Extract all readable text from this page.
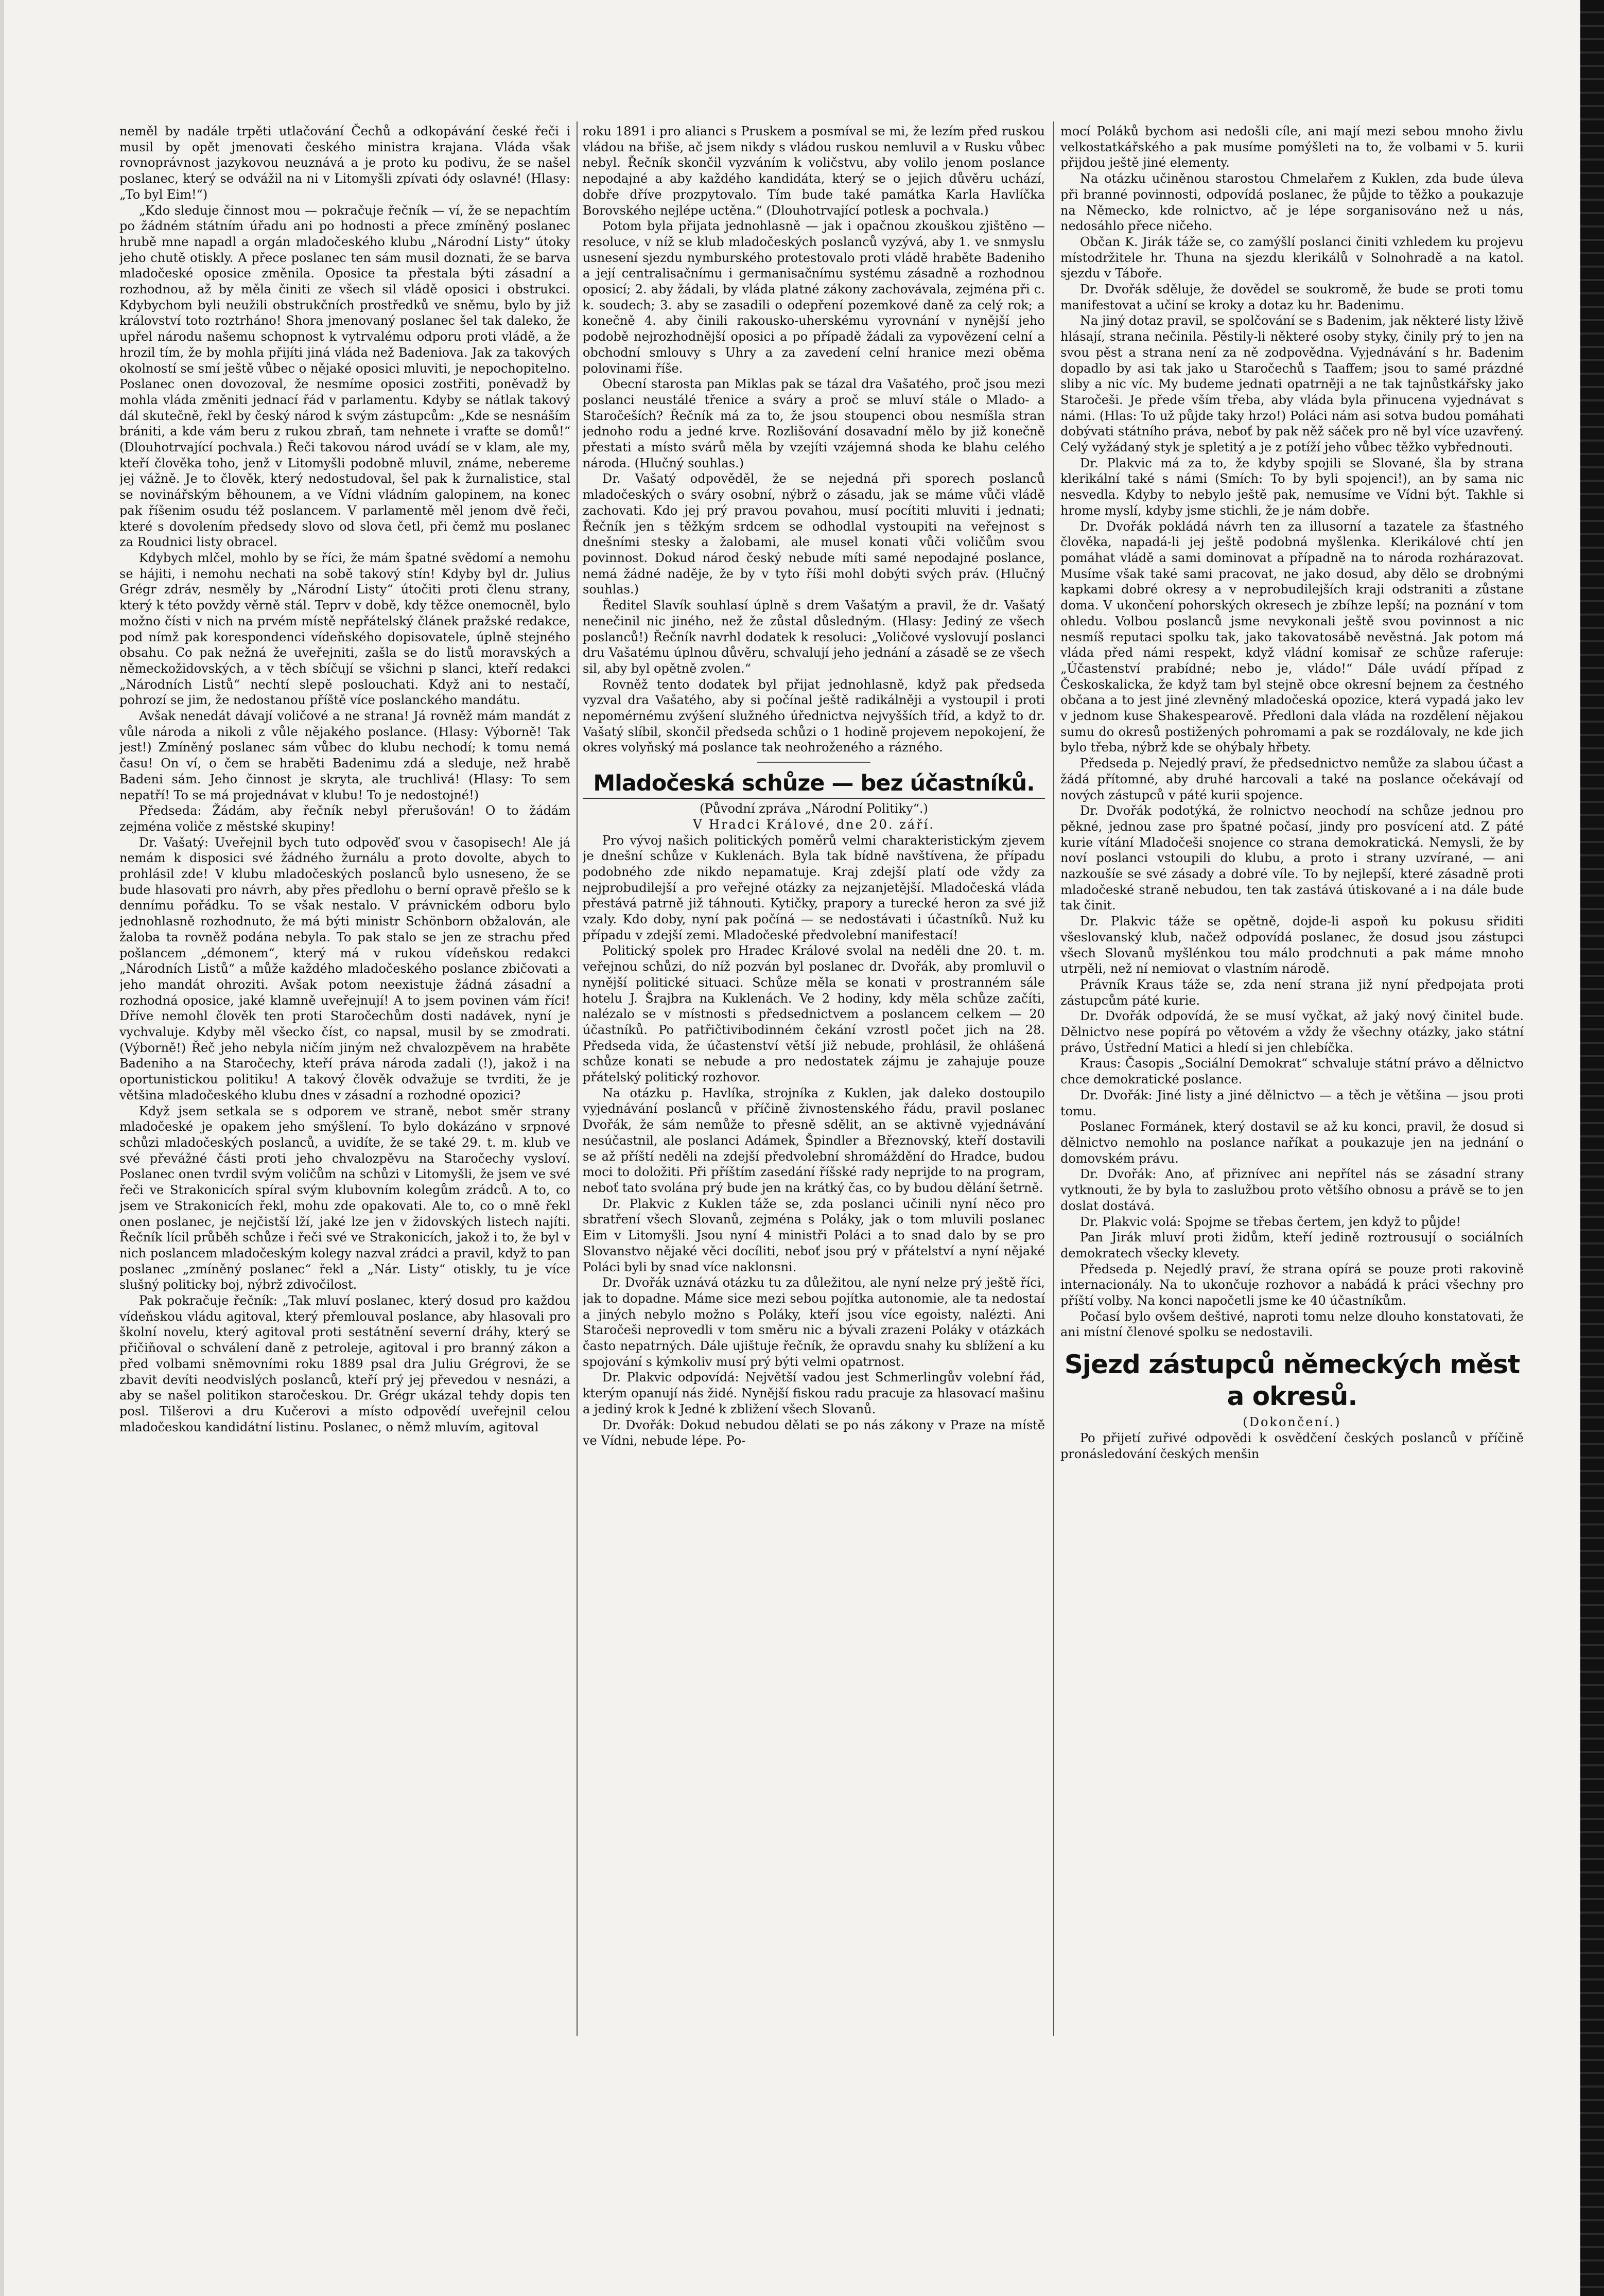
neměl by nadále trpěti utlačování Čechů a odkopávání české řeči i musil by opět jmenovati českého ministra krajana. Vláda však rovnoprávnost jazykovou neuznává a je proto ku podivu, že se našel poslanec, který se odvážil na ni v Litomyšli zpívati ódy oslavné! (Hlasy: „To byl Eim!“)

„Kdo sleduje činnost mou — pokračuje řečník — ví, že se nepachtím po žádném státním úřadu ani po hodnosti a přece zmíněný poslanec hrubě mne napadl a orgán mladočeského klubu „Národní Listy“ útoky jeho chutě otiskly. A přece poslanec ten sám musil doznati, že se barva mladočeské oposice změnila. Oposice ta přestala býti zásadní a rozhodnou, až by měla činiti ze všech sil vládě oposici i obstrukci. Kdybychom byli neužili obstrukčních prostředků ve sněmu, bylo by již království toto roztrháno! Shora jmenovaný poslanec šel tak daleko, že upřel národu našemu schopnost k vytrvalému odporu proti vládě, a že hrozil tím, že by mohla přijíti jiná vláda než Badeniova. Jak za takových okolností se smí ještě vůbec o nějaké oposici mluviti, je nepochopitelno. Poslanec onen dovozoval, že nesmíme oposici zostřiti, poněvadž by mohla vláda změniti jednací řád v parlamentu. Kdyby se nátlak takový dál skutečně, řekl by český národ k svým zástupcům: „Kde se nesnáším brániti, a kde vám beru z rukou zbraň, tam nehnete i vraťte se domů!“ (Dlouhotrvající pochvala.) Řeči takovou národ uvádí se v klam, ale my, kteří člověka toho, jenž v Litomyšli podobně mluvil, známe, nebereme jej vážně. Je to člověk, který nedostudoval, šel pak k žurnalistice, stal se novinářským běhounem, a ve Vídni vládním galopinem, na konec pak říšenim osudu též poslancem. V parlamentě měl jenom dvě řeči, které s dovolením předsedy slovo od slova četl, při čemž mu poslanec za Roudnici listy obracel.

Kdybych mlčel, mohlo by se říci, že mám špatné svědomí a nemohu se hájiti, i nemohu nechati na sobě takový stín! Kdyby byl dr. Julius Grégr zdráv, nesměly by „Národní Listy“ útočiti proti členu strany, který k této povždy věrně stál. Teprv v době, kdy těžce onemocněl, bylo možno čísti v nich na prvém místě nepřátelský článek pražské redakce, pod nímž pak korespondenci vídeňského dopisovatele, úplně stejného obsahu. Co pak nežná že uveřejniti, zašla se do listů moravských a německožidovských, a v těch sbíčují se všichni p slanci, kteří redakci „Národních Listů“ nechtí slepě poslouchati. Když ani to nestačí, pohrozí se jim, že nedostanou příště více poslanckého mandátu.

Avšak nenedát dávají voličové a ne strana! Já rovněž mám mandát z vůle národa a nikoli z vůle nějakého poslance. (Hlasy: Výborně! Tak jest!) Zmíněný poslanec sám vůbec do klubu nechodí; k tomu nemá času! On ví, o čem se hraběti Badenimu zdá a sleduje, než hrabě Badeni sám. Jeho činnost je skryta, ale truchlivá! (Hlasy: To sem nepatří! To se má projednávat v klubu! To je nedostojné!)

Předseda: Žádám, aby řečník nebyl přerušován! O to žádám zejména voliče z městské skupiny!

Dr. Vašatý: Uveřejnil bych tuto odpověď svou v časopisech! Ale já nemám k disposici své žádného žurnálu a proto dovolte, abych to prohlásil zde! V klubu mladočeských poslanců bylo usneseno, že se bude hlasovati pro návrh, aby přes předlohu o berní opravě přešlo se k dennímu pořádku. To se však nestalo. V právnickém odboru bylo jednohlasně rozhodnuto, že má býti ministr Schönborn obžalován, ale žaloba ta rovněž podána nebyla. To pak stalo se jen ze strachu před pošlancem „démonem“, který má v rukou vídeňskou redakci „Národních Listů“ a může každého mladočeského poslance zbičovati a jeho mandát ohroziti. Avšak potom neexistuje žádná zásadní a rozhodná oposice, jaké klamně uveřejnují! A to jsem povinen vám říci! Dříve nemohl člověk ten proti Staročechům dosti nadávek, nyní je vychvaluje. Kdyby měl všecko číst, co napsal, musil by se zmodrati. (Výborně!) Řeč jeho nebyla ničím jiným než chvalozpěvem na hraběte Badeniho a na Staročechy, kteří práva národa zadali (!), jakož i na oportunistickou politiku! A takový člověk odvažuje se tvrditi, že je většina mladočeského klubu dnes v zásadní a rozhodné opozici?

Když jsem setkala se s odporem ve straně, nebot směr strany mladočeské je opakem jeho smýšlení. To bylo dokázáno v srpnové schůzi mladočeských poslanců, a uvidíte, že se také 29. t. m. klub ve své převážné části proti jeho chvalozpěvu na Staročechy vysloví. Poslanec onen tvrdil svým voličům na schůzi v Litomyšli, že jsem ve své řeči ve Strakonicích spíral svým klubovním kolegům zrádců. A to, co jsem ve Strakonicích řekl, mohu zde opakovati. Ale to, co o mně řekl onen poslanec, je nejčistší lží, jaké lze jen v židovských listech najíti. Řečník lícil průběh schůze i řeči své ve Strakonicích, jakož i to, že byl v nich poslancem mladočeským kolegy nazval zrádci a pravil, když to pan poslanec „zmíněný poslanec“ řekl a „Nár. Listy“ otiskly, tu je více slušný politicky boj, nýbrž zdivočilost.

Pak pokračuje řečník: „Tak mluví poslanec, který dosud pro každou vídeňskou vládu agitoval, který přemlouval poslance, aby hlasovali pro školní novelu, který agitoval proti sestátnění severní dráhy, který se přičiňoval o schválení daně z petroleje, agitoval i pro branný zákon a před volbami sněmovními roku 1889 psal dra Juliu Grégrovi, že se zbavit devíti neodvislých poslanců, kteří prý jej převedou v nesnázi, a aby se našel politikon staročeskou. Dr. Grégr ukázal tehdy dopis ten posl. Tilšerovi a dru Kučerovi a místo odpovědí uveřejnil celou mladočeskou kandidátní listinu. Poslanec, o němž mluvím, agitoval

roku 1891 i pro alianci s Pruskem a posmíval se mi, že lezím před ruskou vládou na břiše, ač jsem nikdy s vládou ruskou nemluvil a v Rusku vůbec nebyl. Řečník skončil vyzváním k voličstvu, aby volilo jenom poslance nepodajné a aby každého kandidáta, který se o jejich důvěru uchází, dobře dříve prozpytovalo. Tím bude také památka Karla Havlíčka Borovského nejlépe uctěna.“ (Dlouhotrvající potlesk a pochvala.)

Potom byla přijata jednohlasně — jak i opačnou zkouškou zjištěno — resoluce, v níž se klub mladočeských poslanců vyzývá, aby 1. ve snmyslu usnesení sjezdu nymburského protestovalo proti vládě hraběte Badeniho a její centralisačnímu i germanisačnímu systému zásadně a rozhodnou oposicí; 2. aby žádali, by vláda platné zákony zachovávala, zejména při c. k. soudech; 3. aby se zasadili o odepření pozemkové daně za celý rok; a konečně 4. aby činili rakousko-uherskému vyrovnání v nynější jeho podobě nejrozhodnější oposici a po případě žádali za vypovězení celní a obchodní smlouvy s Uhry a za zavedení celní hranice mezi oběma polovinami říše.

Obecní starosta pan Miklas pak se tázal dra Vašatého, proč jsou mezi poslanci neustálé třenice a sváry a proč se mluví stále o Mlado- a Staročeších? Řečník má za to, že jsou stoupenci obou nesmíšla stran jednoho rodu a jedné krve. Rozlišování dosavadní mělo by již konečně přestati a místo svárů měla by vzejíti vzájemná shoda ke blahu celého národa. (Hlučný souhlas.)

Dr. Vašatý odpověděl, že se nejedná při sporech poslanců mladočeských o sváry osobní, nýbrž o zásadu, jak se máme vůči vládě zachovati. Kdo jej prý pravou povahou, musí pocítiti mluviti i jednati; Řečník jen s těžkým srdcem se odhodlal vystoupiti na veřejnost s dnešními stesky a žalobami, ale musel konati vůči voličům svou povinnost. Dokud národ český nebude míti samé nepodajné poslance, nemá žádné naděje, že by v tyto říši mohl dobýti svých práv. (Hlučný souhlas.)

Ředitel Slavík souhlasí úplně s drem Vašatým a pravil, že dr. Vašatý nenečinil nic jiného, než že zůstal důsledným. (Hlasy: Jediný ze všech poslanců!) Řečník navrhl dodatek k resoluci: „Voličové vyslovují poslanci dru Vašatému úplnou důvěru, schvalují jeho jednání a zásadě se ze všech sil, aby byl opětně zvolen.“

Rovněž tento dodatek byl přijat jednohlasně, když pak předseda vyzval dra Vašatého, aby si počínal ještě radikálněji a vystoupil i proti nepomérnému zvýšení služného úřednictva nejvyšších tříd, a když to dr. Vašatý slíbil, skončil předseda schůzi o 1 hodině projevem nepokojení, že okres volyňský má poslance tak neohroženého a rázného.

Mladočeská schůze — bez účastníků.

(Původní zpráva „Národní Politiky“.)

V Hradci Králové, dne 20. září.

Pro vývoj našich politických poměrů velmi charakteristickým zjevem je dnešní schůze v Kuklenách. Byla tak bídně navštívena, že případu podobného zde nikdo nepamatuje. Kraj zdejší platí ode vždy za nejprobudilejší a pro veřejné otázky za nejzanjetější. Mladočeská vláda přestává patrně již táhnouti. Kytičky, prapory a turecké heron za své již vzaly. Kdo doby, nyní pak počíná — se nedostávati i účastníků. Nuž ku případu v zdejší zemi. Mladočeské předvolební manifestací!

Politický spolek pro Hradec Králové svolal na neděli dne 20. t. m. veřejnou schůzi, do níž pozván byl poslanec dr. Dvořák, aby promluvil o nynější politické situaci. Schůze měla se konati v prostranném sále hotelu J. Šrajbra na Kuklenách. Ve 2 hodiny, kdy měla schůze začíti, nalézalo se v místnosti s předsednictvem a poslancem celkem — 20 účastníků. Po patřičtivibodinném čekání vzrostl počet jich na 28. Předseda vida, že účastenství větší již nebude, prohlásil, že ohlášená schůze konati se nebude a pro nedostatek zájmu je zahajuje pouze přátelský politický rozhovor.

Na otázku p. Havlíka, strojníka z Kuklen, jak daleko dostoupilo vyjednávání poslanců v příčině živnostenského řádu, pravil poslanec Dvořák, že sám nemůže to přesně sdělit, an se aktivně vyjednávání nesúčastnil, ale poslanci Adámek, Špindler a Březnovský, kteří dostavili se až příští neděli na zdejší předvolební shromáždění do Hradce, budou moci to doložiti. Při příštím zasedání říšské rady neprijde to na program, neboť tato svolána prý bude jen na krátký čas, co by budou dělání šetrně.

Dr. Plakvic z Kuklen táže se, zda poslanci učinili nyní něco pro sbratření všech Slovanů, zejména s Poláky, jak o tom mluvili poslanec Eim v Litomyšli. Jsou nyní 4 ministři Poláci a to snad dalo by se pro Slovanstvo nějaké věci docíliti, neboť jsou prý v přátelství a nyní nějaké Poláci byli by snad více naklonsni.

Dr. Dvořák uznává otázku tu za důležitou, ale nyní nelze prý ještě říci, jak to dopadne. Máme sice mezi sebou pojítka autonomie, ale ta nedostaí a jiných nebylo možno s Poláky, kteří jsou více egoisty, nalézti. Ani Staročeši neprovedli v tom směru nic a bývali zrazeni Poláky v otázkách často nepatrných. Dále ujištuje řečník, že opravdu snahy ku sblížení a ku spojování s kýmkoliv musí prý býti velmi opatrnost.

Dr. Plakvic odpovídá: Největší vadou jest Schmerlingův volební řád, kterým opanují nás židé. Nynější fiskou radu pracuje za hlasovací mašinu a jediný krok k Jedné k zbližení všech Slovanů.

Dr. Dvořák: Dokud nebudou dělati se po nás zákony v Praze na místě ve Vídni, nebude lépe. Po-

mocí Poláků bychom asi nedošli cíle, ani mají mezi sebou mnoho živlu velkostatkářského a pak musíme pomýšleti na to, že volbami v 5. kurii přijdou ještě jiné elementy.

Na otázku učiněnou starostou Chmelařem z Kuklen, zda bude úleva při branné povinnosti, odpovídá poslanec, že půjde to těžko a poukazuje na Německo, kde rolnictvo, ač je lépe sorganisováno než u nás, nedosáhlo přece ničeho.

Občan K. Jirák táže se, co zamýšlí poslanci činiti vzhledem ku projevu místodržitele hr. Thuna na sjezdu klerikálů v Solnohradě a na katol. sjezdu v Táboře.

Dr. Dvořák sděluje, že dovědel se soukromě, že bude se proti tomu manifestovat a učiní se kroky a dotaz ku hr. Badenimu.

Na jiný dotaz pravil, se spolčování se s Badenim, jak některé listy lživě hlásají, strana nečinila. Pěstily-li některé osoby styky, činily prý to jen na svou pěst a strana není za ně zodpovědna. Vyjednávání s hr. Badenim dopadlo by asi tak jako u Staročechů s Taaffem; jsou to samé prázdné sliby a nic víc. My budeme jednati opatrněji a ne tak tajnůstkářsky jako Staročeši. Je přede vším třeba, aby vláda byla přinucena vyjednávat s námi. (Hlas: To už půjde taky hrzo!) Poláci nám asi sotva budou pomáhati dobývati státního práva, neboť by pak něž sáček pro ně byl více uzavřený. Celý vyžádaný styk je spletitý a je z potíží jeho vůbec těžko vybřednouti.

Dr. Plakvic má za to, že kdyby spojili se Slované, šla by strana klerikální také s námi (Smích: To by byli spojenci!), an by sama nic nesvedla. Kdyby to nebylo ještě pak, nemusíme ve Vídni být. Takhle si hrome myslí, kdyby jsme stichli, že je nám dobře.

Dr. Dvořák pokládá návrh ten za illusorní a tazatele za šťastného člověka, napadá-li jej ještě podobná myšlenka. Klerikálové chtí jen pomáhat vládě a sami dominovat a případně na to národa rozhárazovat. Musíme však také sami pracovat, ne jako dosud, aby dělo se drobnými kapkami dobré okresy a v neprobudilejších kraji odstraniti a zůstane doma. V ukončení pohorských okresech je zbíhze lepší; na poznání v tom ohledu. Volbou poslanců jsme nevykonali ještě svou povinnost a nic nesmíš reputaci spolku tak, jako takovatosábě nevěstná. Jak potom má vláda před námi respekt, když vládní komisař ze schůze raferuje: „Účastenství prabídné; nebo je, vládo!“ Dále uvádí případ z Českoskalicka, že když tam byl stejně obce okresní bejnem za čestného občana a to jest jiné zlevněný mladočeská opozice, která vypadá jako lev v jednom kuse Shakespearově. Předloni dala vláda na rozdělení nějakou sumu do okresů postižených pohromami a pak se rozdálovaly, ne kde jich bylo třeba, nýbrž kde se ohýbaly hřbety.

Předseda p. Nejedlý praví, že předsednictvo nemůže za slabou účast a žádá přítomné, aby druhé harcovali a také na poslance očekávají od nových zástupců v páté kurii spojence.

Dr. Dvořák podotýká, že rolnictvo neochodí na schůze jednou pro pěkné, jednou zase pro špatné počasí, jindy pro posvícení atd. Z páté kurie vítání Mladočeši snojence co strana demokratická. Nemysli, že by noví poslanci vstoupili do klubu, a proto i strany uzvírané, — ani nazkoušíe se své zásady a dobré víle. To by nejlepší, které zásadně proti mladočeské straně nebudou, ten tak zastává útiskované a i na dále bude tak činit.

Dr. Plakvic táže se opětně, dojde-li aspoň ku pokusu sřiditi všeslovanský klub, načež odpovídá poslanec, že dosud jsou zástupci všech Slovanů myšlénkou tou málo prodchnuti a pak máme mnoho utrpěli, než ní nemiovat o vlastním národě.

Právník Kraus táže se, zda není strana již nyní předpojata proti zástupcům páté kurie.

Dr. Dvořák odpovídá, že se musí vyčkat, až jaký nový činitel bude. Dělnictvo nese popírá po větovém a vždy že všechny otázky, jako státní právo, Ústřední Matici a hledí si jen chlebíčka.

Kraus: Časopis „Sociální Demokrat“ schvaluje státní právo a dělnictvo chce demokratické poslance.

Dr. Dvořák: Jiné listy a jiné dělnictvo — a těch je většina — jsou proti tomu.

Poslanec Formánek, který dostavil se až ku konci, pravil, že dosud si dělnictvo nemohlo na poslance naříkat a poukazuje jen na jednání o domovském právu.

Dr. Dvořák: Ano, ať přiznívec ani nepřítel nás se zásadní strany vytknouti, že by byla to zaslužbou proto většího obnosu a právě se to jen doslat dostává.

Dr. Plakvic volá: Spojme se třebas čertem, jen když to půjde!

Pan Jirák mluví proti židům, kteří jedině roztrousují o sociálních demokratech všecky klevety.

Předseda p. Nejedlý praví, že strana opírá se pouze proti rakovině internacionály. Na to ukončuje rozhovor a nabádá k práci všechny pro příští volby. Na konci napočetli jsme ke 40 účastníkům.

Počasí bylo ovšem deštivé, naproti tomu nelze dlouho konstatovati, že ani místní členové spolku se nedostavili.

Sjezd zástupců německých měst a okresů.

(Dokončení.)

Po přijetí zuřivé odpovědi k osvědčení českých poslanců v příčině pronásledování českých menšin
